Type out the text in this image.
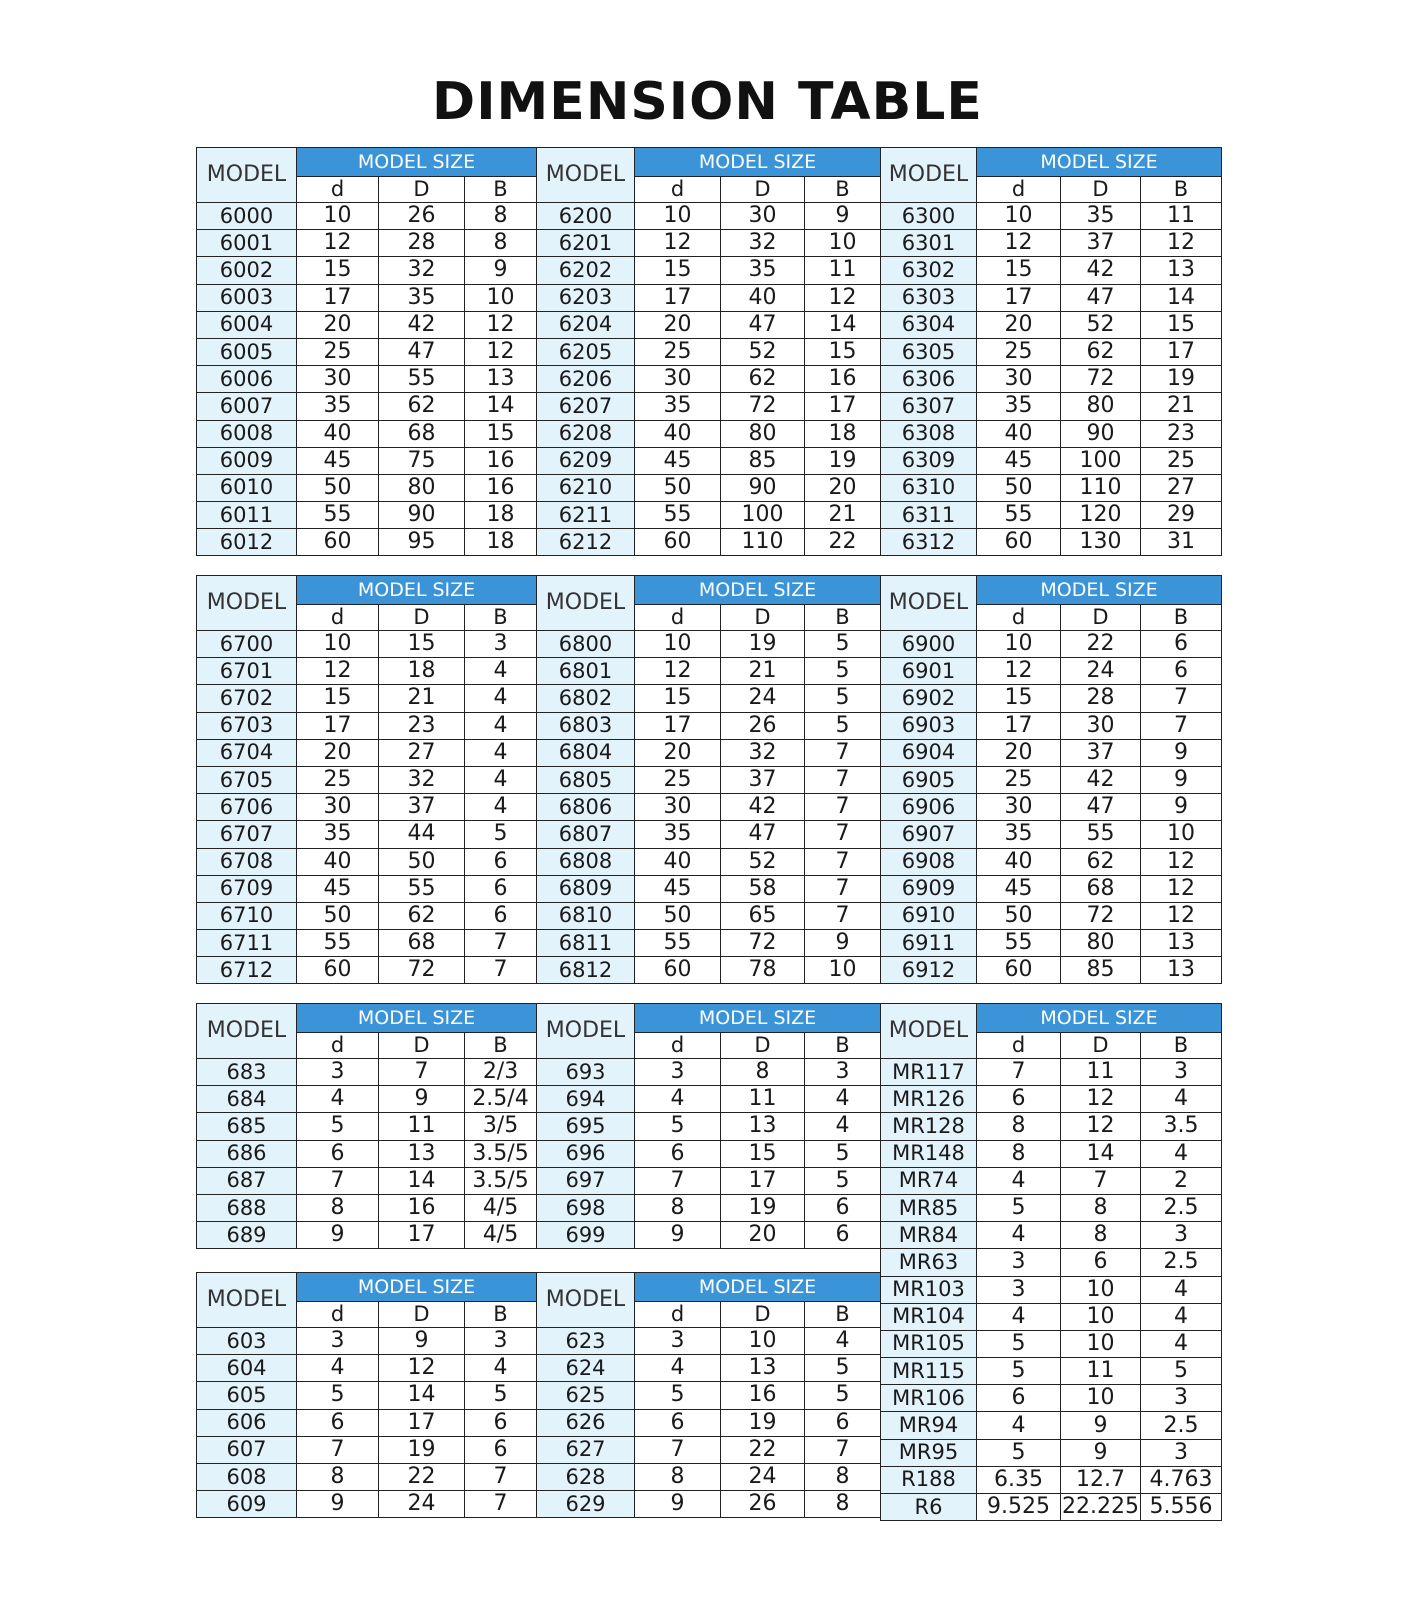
DIMENSION TABLE
MODEL	MODEL SIZE		
	d	D	B
6000	10	26	8
6001	12	28	8
6002	15	32	9
6003	17	35	10
6004	20	42	12
6005	25	47	12
6006	30	55	13
6007	35	62	14
6008	40	68	15
6009	45	75	16
6010	50	80	16
6011	55	90	18
6012	60	95	18
MODEL	MODEL SIZE		
	d	D	B
6200	10	30	9
6201	12	32	10
6202	15	35	11
6203	17	40	12
6204	20	47	14
6205	25	52	15
6206	30	62	16
6207	35	72	17
6208	40	80	18
6209	45	85	19
6210	50	90	20
6211	55	100	21
6212	60	110	22
MODEL	MODEL SIZE		
	d	D	B
6300	10	35	11
6301	12	37	12
6302	15	42	13
6303	17	47	14
6304	20	52	15
6305	25	62	17
6306	30	72	19
6307	35	80	21
6308	40	90	23
6309	45	100	25
6310	50	110	27
6311	55	120	29
6312	60	130	31
MODEL	MODEL SIZE		
	d	D	B
6700	10	15	3
6701	12	18	4
6702	15	21	4
6703	17	23	4
6704	20	27	4
6705	25	32	4
6706	30	37	4
6707	35	44	5
6708	40	50	6
6709	45	55	6
6710	50	62	6
6711	55	68	7
6712	60	72	7
MODEL	MODEL SIZE		
	d	D	B
6800	10	19	5
6801	12	21	5
6802	15	24	5
6803	17	26	5
6804	20	32	7
6805	25	37	7
6806	30	42	7
6807	35	47	7
6808	40	52	7
6809	45	58	7
6810	50	65	7
6811	55	72	9
6812	60	78	10
MODEL	MODEL SIZE		
	d	D	B
6900	10	22	6
6901	12	24	6
6902	15	28	7
6903	17	30	7
6904	20	37	9
6905	25	42	9
6906	30	47	9
6907	35	55	10
6908	40	62	12
6909	45	68	12
6910	50	72	12
6911	55	80	13
6912	60	85	13
MODEL	MODEL SIZE		
	d	D	B
683	3	7	2/3
684	4	9	2.5/4
685	5	11	3/5
686	6	13	3.5/5
687	7	14	3.5/5
688	8	16	4/5
689	9	17	4/5
MODEL	MODEL SIZE		
	d	D	B
693	3	8	3
694	4	11	4
695	5	13	4
696	6	15	5
697	7	17	5
698	8	19	6
699	9	20	6
MODEL	MODEL SIZE		
	d	D	B
MR117	7	11	3
MR126	6	12	4
MR128	8	12	3.5
MR148	8	14	4
MR74	4	7	2
MR85	5	8	2.5
MR84	4	8	3
MR63	3	6	2.5
MR103	3	10	4
MR104	4	10	4
MR105	5	10	4
MR115	5	11	5
MR106	6	10	3
MR94	4	9	2.5
MR95	5	9	3
R188	6.35	12.7	4.763
R6	9.525	22.225	5.556
MODEL	MODEL SIZE		
	d	D	B
603	3	9	3
604	4	12	4
605	5	14	5
606	6	17	6
607	7	19	6
608	8	22	7
609	9	24	7
MODEL	MODEL SIZE		
	d	D	B
623	3	10	4
624	4	13	5
625	5	16	5
626	6	19	6
627	7	22	7
628	8	24	8
629	9	26	8
